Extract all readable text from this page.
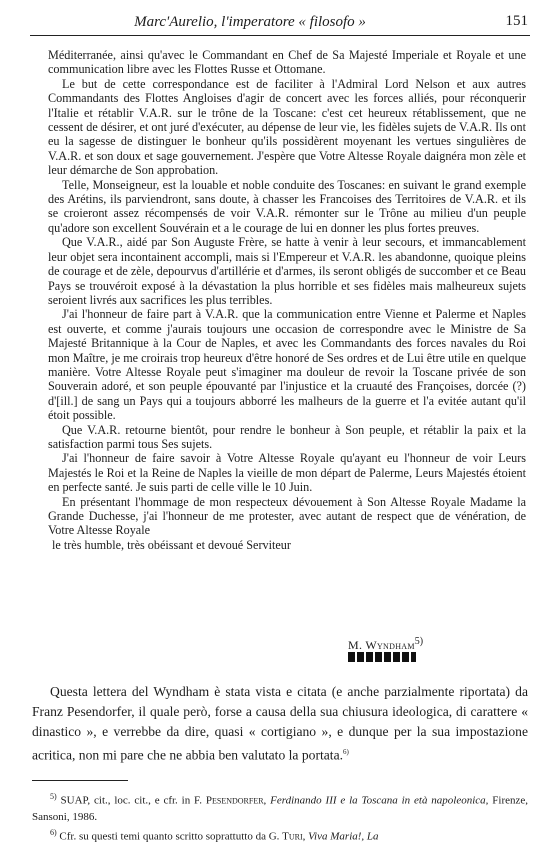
Marc'Aurelio, l'imperatore « filosofo »	151

Méditerranée, ainsi qu'avec le Commandant en Chef de Sa Majesté Imperiale et Royale et une communication libre avec les Flottes Russe et Ottomane.

Le but de cette correspondance est de faciliter à l'Admiral Lord Nelson et aux autres Commandants des Flottes Angloises d'agir de concert avec les forces alliés, pour réconquerir l'Italie et rétablir V.A.R. sur le trône de la Toscane: c'est cet heureux rétablissement, que ne cessent de désirer, et ont juré d'exécuter, au dépense de leur vie, les fidèles sujets de V.A.R. Ils ont eu la sagesse de distinguer le bonheur qu'ils possidèrent moyenant les vertues singulières de V.A.R. et son doux et sage gouvernement. J'espère que Votre Altesse Royale daignéra mon zèle et leur démarche de Son approbation.

Telle, Monseigneur, est la louable et noble conduite des Toscanes: en suivant le grand exemple des Arétins, ils parviendront, sans doute, à chasser les Francoises des Territoires de V.A.R. et ils se croieront assez récompensés de voir V.A.R. rémonter sur le Trône au milieu d'un peuple qu'adore son excellent Souvérain et a le courage de lui en donner les plus fortes preuves.

Que V.A.R., aidé par Son Auguste Frère, se hatte à venir à leur secours, et immancablement leur objet sera incontainent accompli, mais si l'Empereur et V.A.R. les abandonne, quoique pleins de courage et de zèle, depourvus d'artillérie et d'armes, ils seront obligés de succomber et ce Beau Pays se trouvéroit exposé à la dévastation la plus horrible et ses fidèles mais malheureux sujets seroient livrés aux sacrifices les plus terribles.

J'ai l'honneur de faire part à V.A.R. que la communication entre Vienne et Palerme et Naples est ouverte, et comme j'aurais toujours une occasion de correspondre avec le Ministre de Sa Majesté Britannique à la Cour de Naples, et avec les Commandants des forces navales du Roi mon Maître, je me croirais trop heureux d'être honoré de Ses ordres et de Lui être utile en quelque manière. Votre Altesse Royale peut s'imaginer ma douleur de revoir la Toscane privée de son Souverain adoré, et son peuple épouvanté par l'injustice et la cruauté des Françoises, dorcée (?) d'[ill.] de sang un Pays qui a toujours abborré les malheurs de la guerre et l'a evitée autant qu'il étoit possible.

Que V.A.R. retourne bientôt, pour rendre le bonheur à Son peuple, et rétablir la paix et la satisfaction parmi tous Ses sujets.

J'ai l'honneur de faire savoir à Votre Altesse Royale qu'ayant eu l'honneur de voir Leurs Majestés le Roi et la Reine de Naples la vieille de mon départ de Palerme, Leurs Majestés étoient en perfecte santé. Je suis parti de celle ville le 10 Juin.

En présentant l'hommage de mon respecteux dévouement à Son Altesse Royale Madame la Grande Duchesse, j'ai l'honneur de me protester, avec autant de respect que de vénération, de Votre Altesse Royale

le très humble, très obéissant et devoué Serviteur

M. Wyndham$^{5)}$

Questa lettera del Wyndham è stata vista e citata (e anche parzialmente riportata) da Franz Pesendorfer, il quale però, forse a causa della sua chiusura ideologica, di carattere « dinastico », e verrebbe da dire, quasi « cortigiano », e dunque per la sua impostazione acritica, non mi pare che ne abbia ben valutato la portata.$^{6)}$

$^{5)}$ SUAP, cit., loc. cit., e cfr. in F. Pesendorfer, Ferdinando III e la Toscana in età napoleonica, Firenze, Sansoni, 1986.

$^{6)}$ Cfr. su questi temi quanto scritto soprattutto da G. Turi, Viva Maria!, La
